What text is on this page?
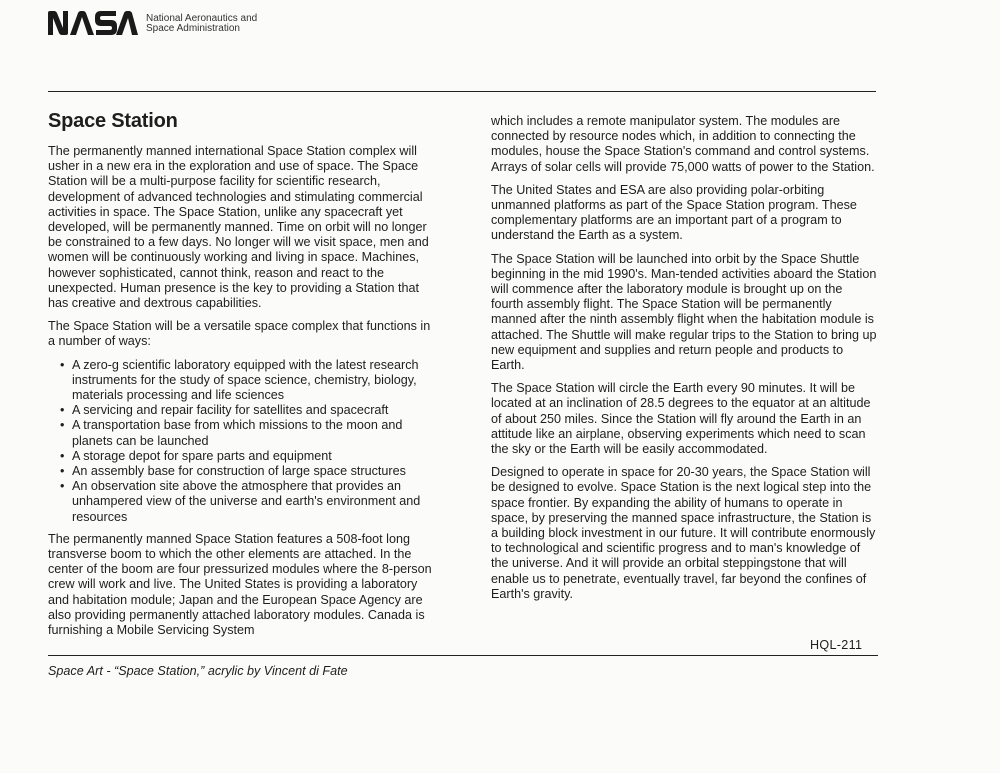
National Aeronautics and
Space Administration
Space Station

The permanently manned international Space Station complex will usher in a new era in the exploration and use of space. The Space Station will be a multi-purpose facility for scientific research, development of advanced technologies and stimulating commercial activities in space. The Space Station, unlike any spacecraft yet developed, will be permanently manned. Time on orbit will no longer be constrained to a few days. No longer will we visit space, men and women will be continuously working and living in space. Machines, however sophisticated, cannot think, reason and react to the unexpected. Human presence is the key to providing a Station that has creative and dextrous capabilities.

The Space Station will be a versatile space complex that functions in a number of ways:

• A zero-g scientific laboratory equipped with the latest research instruments for the study of space science, chemistry, biology, materials processing and life sciences
• A servicing and repair facility for satellites and spacecraft
• A transportation base from which missions to the moon and planets can be launched
• A storage depot for spare parts and equipment
• An assembly base for construction of large space structures
• An observation site above the atmosphere that provides an unhampered view of the universe and earth's environment and resources

The permanently manned Space Station features a 508-foot long transverse boom to which the other elements are attached. In the center of the boom are four pressurized modules where the 8-person crew will work and live. The United States is providing a laboratory and habitation module; Japan and the European Space Agency are also providing permanently attached laboratory modules. Canada is furnishing a Mobile Servicing System

which includes a remote manipulator system. The modules are connected by resource nodes which, in addition to connecting the modules, house the Space Station's command and control systems. Arrays of solar cells will provide 75,000 watts of power to the Station.

The United States and ESA are also providing polar-orbiting unmanned platforms as part of the Space Station program. These complementary platforms are an important part of a program to understand the Earth as a system.

The Space Station will be launched into orbit by the Space Shuttle beginning in the mid 1990's. Man-tended activities aboard the Station will commence after the laboratory module is brought up on the fourth assembly flight. The Space Station will be permanently manned after the ninth assembly flight when the habitation module is attached. The Shuttle will make regular trips to the Station to bring up new equipment and supplies and return people and products to Earth.

The Space Station will circle the Earth every 90 minutes. It will be located at an inclination of 28.5 degrees to the equator at an altitude of about 250 miles. Since the Station will fly around the Earth in an attitude like an airplane, observing experiments which need to scan the sky or the Earth will be easily accommodated.

Designed to operate in space for 20-30 years, the Space Station will be designed to evolve. Space Station is the next logical step into the space frontier. By expanding the ability of humans to operate in space, by preserving the manned space infrastructure, the Station is a building block investment in our future. It will contribute enormously to technological and scientific progress and to man's knowledge of the universe. And it will provide an orbital steppingstone that will enable us to penetrate, eventually travel, far beyond the confines of Earth's gravity.

HQL-211
Space Art - “Space Station,” acrylic by Vincent di Fate
